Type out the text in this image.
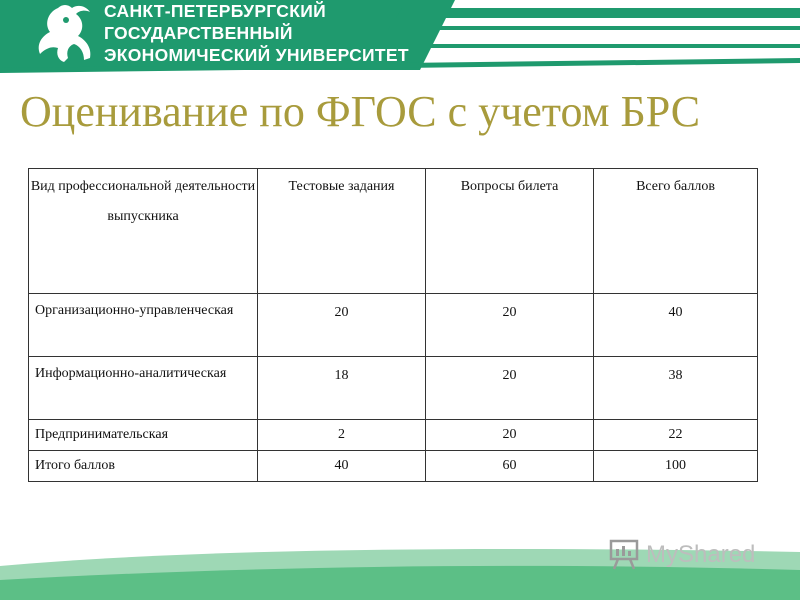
САНКТ-ПЕТЕРБУРГСКИЙ
ГОСУДАРСТВЕННЫЙ
ЭКОНОМИЧЕСКИЙ УНИВЕРСИТЕТ
Оценивание по ФГОС с учетом БРС
Вид профессиональной деятельности выпускника	Тестовые задания	Вопросы билета	Всего баллов

Организационно-управленческая	20	20	40

Информационно-аналитическая	18	20	38

Предпринимательская	2	20	22

Итого баллов	40	60	100
MyShared
